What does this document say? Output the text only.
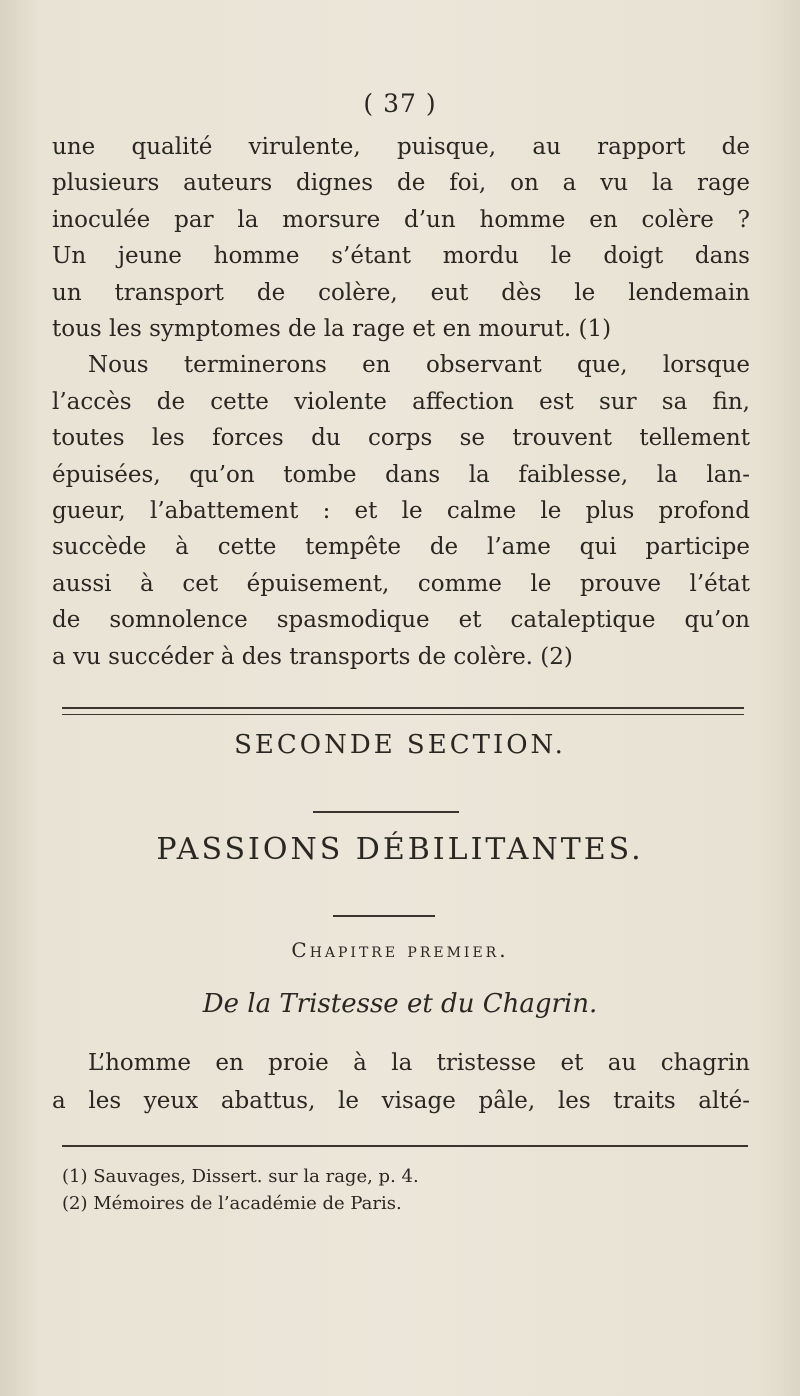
( 37 )
une qualité virulente, puisque, au rapport de
plusieurs auteurs dignes de foi, on a vu la rage
inoculée par la morsure d’un homme en colère ?
Un jeune homme s’étant mordu le doigt dans
un transport de colère, eut dès le lendemain
tous les symptomes de la rage et en mourut. (1)
Nous terminerons en observant que, lorsque
l’accès de cette violente affection est sur sa fin,
toutes les forces du corps se trouvent tellement
épuisées, qu’on tombe dans la faiblesse, la lan-
gueur, l’abattement : et le calme le plus profond
succède à cette tempête de l’ame qui participe
aussi à cet épuisement, comme le prouve l’état
de somnolence spasmodique et cataleptique qu’on
a vu succéder à des transports de colère. (2)
SECONDE SECTION.
PASSIONS DÉBILITANTES.
Chapitre premier.
De la Tristesse et du Chagrin.
L’homme en proie à la tristesse et au chagrin
a les yeux abattus, le visage pâle, les traits alté-
(1) Sauvages, Dissert. sur la rage, p. 4.
(2) Mémoires de l’académie de Paris.
